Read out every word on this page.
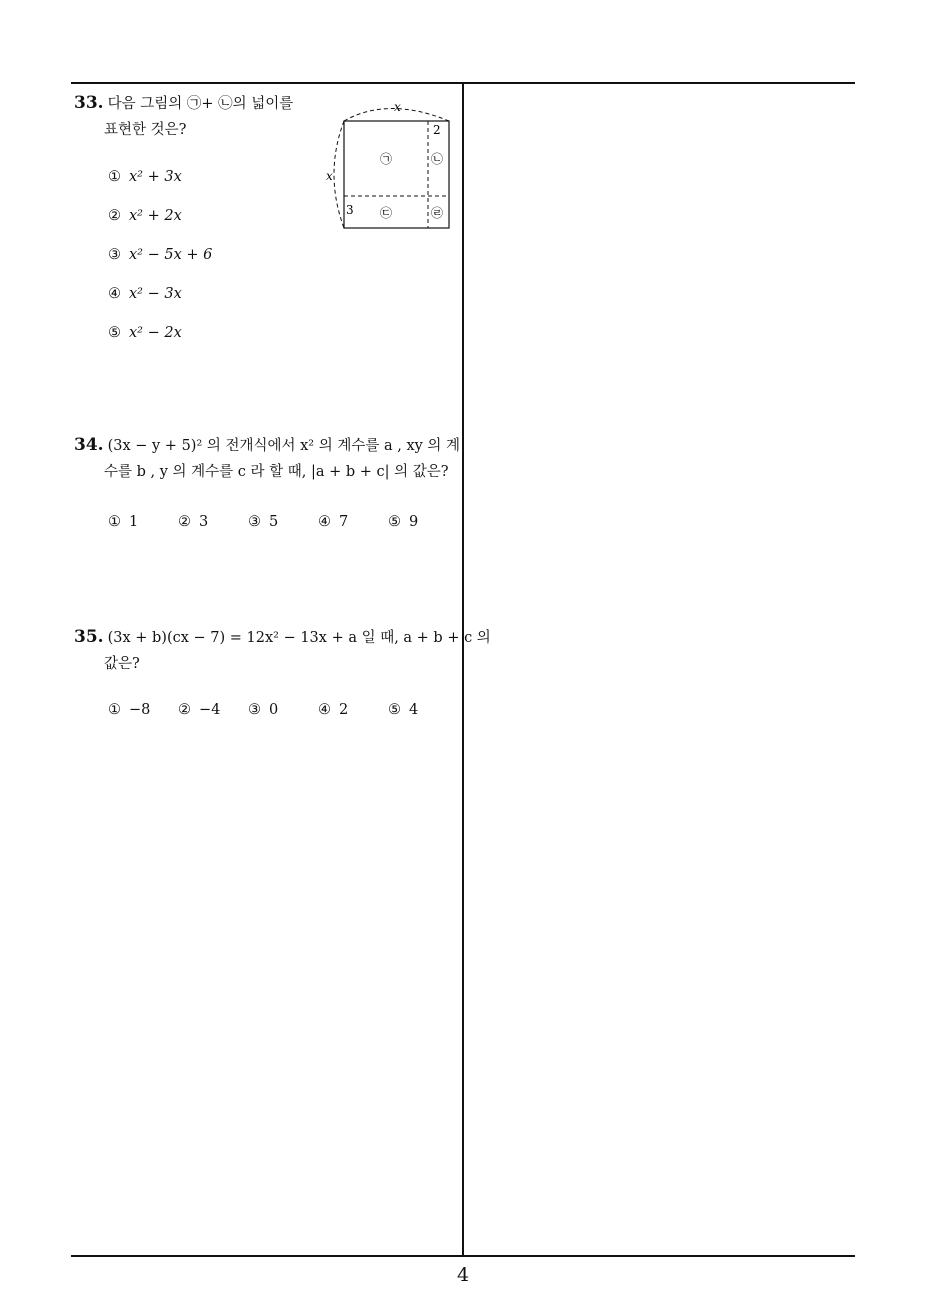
4
33. 다음 그림의 ㉠+ ㉡의 넓이를
표현한 것은?
① x² + 3x
② x² + 2x
③ x² − 5x + 6
④ x² − 3x
⑤ x² − 2x
x
x
2
3
㉠	㉡
㉢	㉣
34. (3x − y + 5)² 의 전개식에서 x² 의 계수를 a , xy 의 계
수를 b , y 의 계수를 c 라 할 때, |a + b + c| 의 값은?
① 1	② 3	③ 5	④ 7	⑤ 9
35. (3x + b)(cx − 7) = 12x² − 13x + a 일 때, a + b + c 의
값은?
① −8 ② −4 ③ 0	④ 2	⑤ 4
